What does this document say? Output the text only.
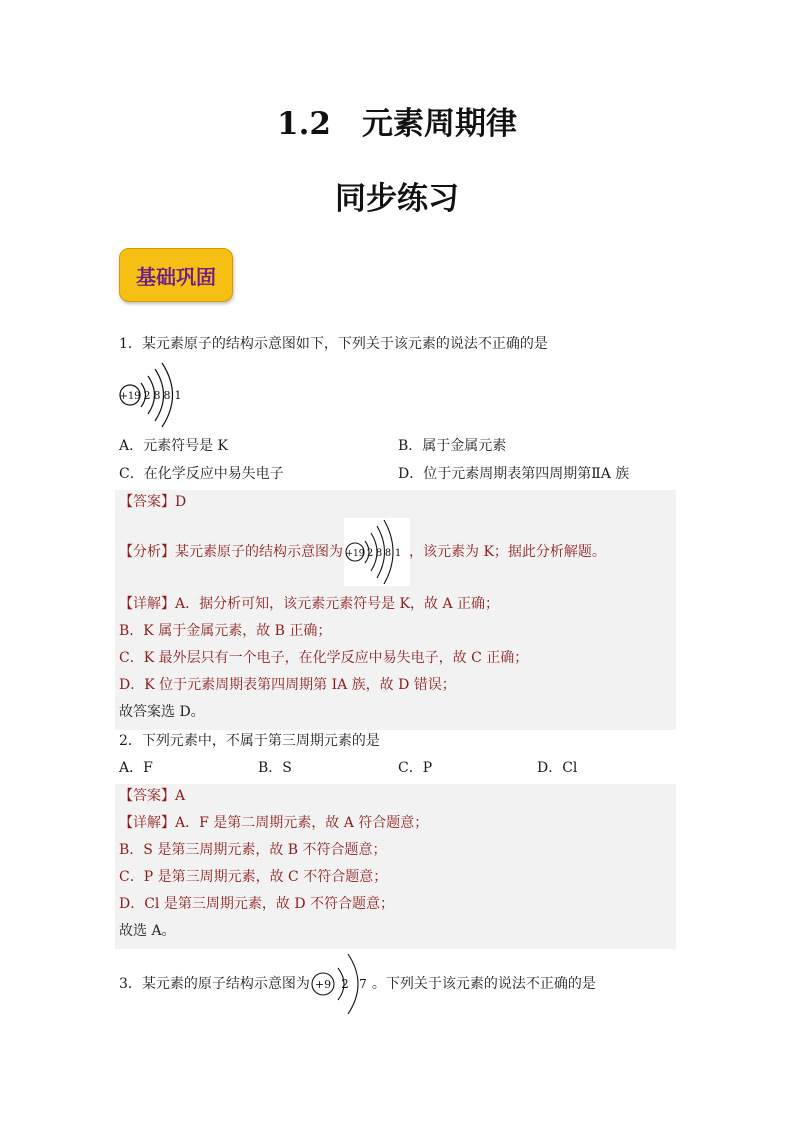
1.2　元素周期律
同步练习
基础巩固
1．某元素原子的结构示意图如下，下列关于该元素的说法不正确的是
+19 2 8 8 1
A．元素符号是 K	B．属于金属元素
C．在化学反应中易失电子	D．位于元素周期表第四周期第ⅡA 族
【答案】D
【分析】某元素原子的结构示意图为	，该元素为 K；据此分析解题。
+19 2 8 8 1
【详解】A．据分析可知，该元素元素符号是 K，故 A 正确；
B．K 属于金属元素，故 B 正确；
C．K 最外层只有一个电子，在化学反应中易失电子，故 C 正确；
D．K 位于元素周期表第四周期第 ⅠA 族，故 D 错误；
故答案选 D。
2．下列元素中，不属于第三周期元素的是
A．F	B．S	C．P	D．Cl
【答案】A
【详解】A．F 是第二周期元素，故 A 符合题意；
B．S 是第三周期元素，故 B 不符合题意；
C．P 是第三周期元素，故 C 不符合题意；
D．Cl 是第三周期元素，故 D 不符合题意；
故选 A。
3．某元素的原子结构示意图为	。下列关于该元素的说法不正确的是
+9 2 7
